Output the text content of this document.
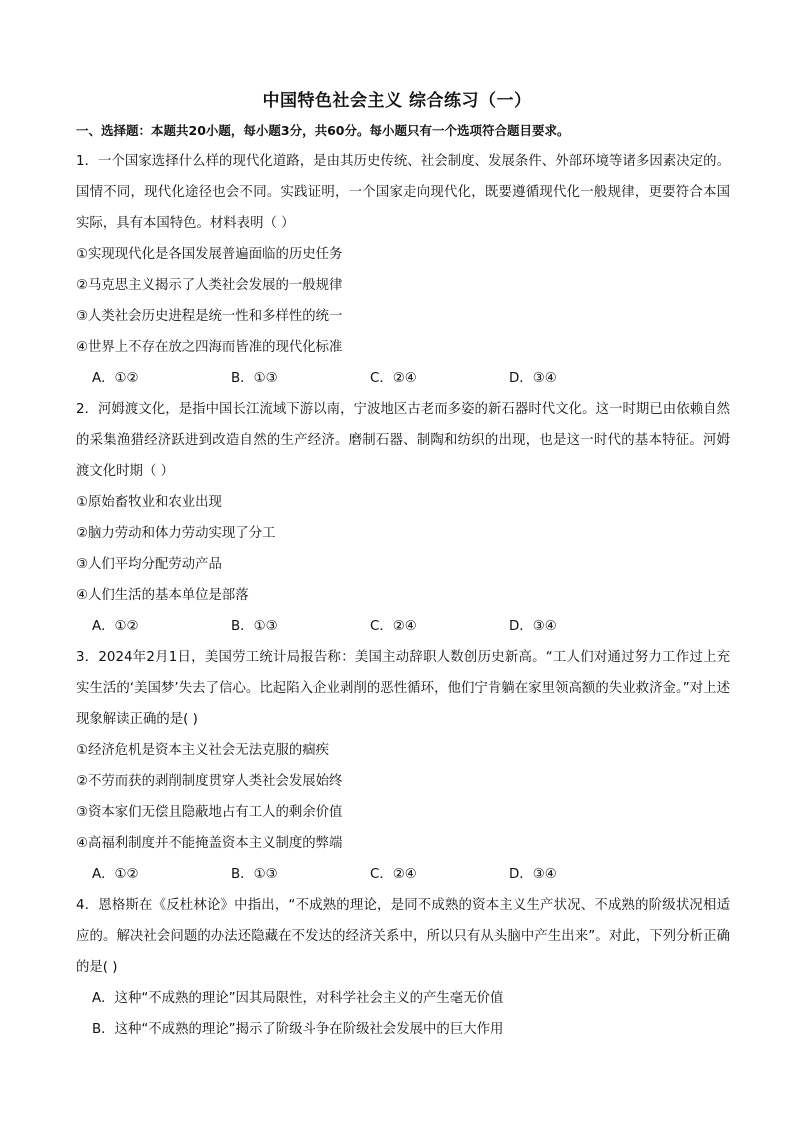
中国特色社会主义 综合练习（一）
一、选择题：本题共20小题，每小题3分，共60分。每小题只有一个选项符合题目要求。

1．一个国家选择什么样的现代化道路，是由其历史传统、社会制度、发展条件、外部环境等诸多因素决定的。国情不同，现代化途径也会不同。实践证明，一个国家走向现代化，既要遵循现代化一般规律，更要符合本国实际，具有本国特色。材料表明（ ）

①实现现代化是各国发展普遍面临的历史任务

②马克思主义揭示了人类社会发展的一般规律

③人类社会历史进程是统一性和多样性的统一

④世界上不存在放之四海而皆准的现代化标准

A．①②	B．①③	C．②④	D．③④

2．河姆渡文化，是指中国长江流域下游以南，宁波地区古老而多姿的新石器时代文化。这一时期已由依赖自然的采集渔猎经济跃进到改造自然的生产经济。磨制石器、制陶和纺织的出现，也是这一时代的基本特征。河姆渡文化时期（ ）

①原始畜牧业和农业出现

②脑力劳动和体力劳动实现了分工

③人们平均分配劳动产品

④人们生活的基本单位是部落

A．①②	B．①③	C．②④	D．③④

3．2024年2月1日，美国劳工统计局报告称：美国主动辞职人数创历史新高。“工人们对通过努力工作过上充实生活的‘美国梦’失去了信心。比起陷入企业剥削的恶性循环，他们宁肯躺在家里领高额的失业救济金。”对上述现象解读正确的是( )

①经济危机是资本主义社会无法克服的痼疾

②不劳而获的剥削制度贯穿人类社会发展始终

③资本家们无偿且隐蔽地占有工人的剩余价值

④高福利制度并不能掩盖资本主义制度的弊端

A．①②	B．①③	C．②④	D．③④

4．恩格斯在《反杜林论》中指出，“不成熟的理论，是同不成熟的资本主义生产状况、不成熟的阶级状况相适应的。解决社会问题的办法还隐藏在不发达的经济关系中，所以只有从头脑中产生出来”。对此，下列分析正确的是( )

A．这种“不成熟的理论”因其局限性，对科学社会主义的产生毫无价值

B．这种“不成熟的理论”揭示了阶级斗争在阶级社会发展中的巨大作用
